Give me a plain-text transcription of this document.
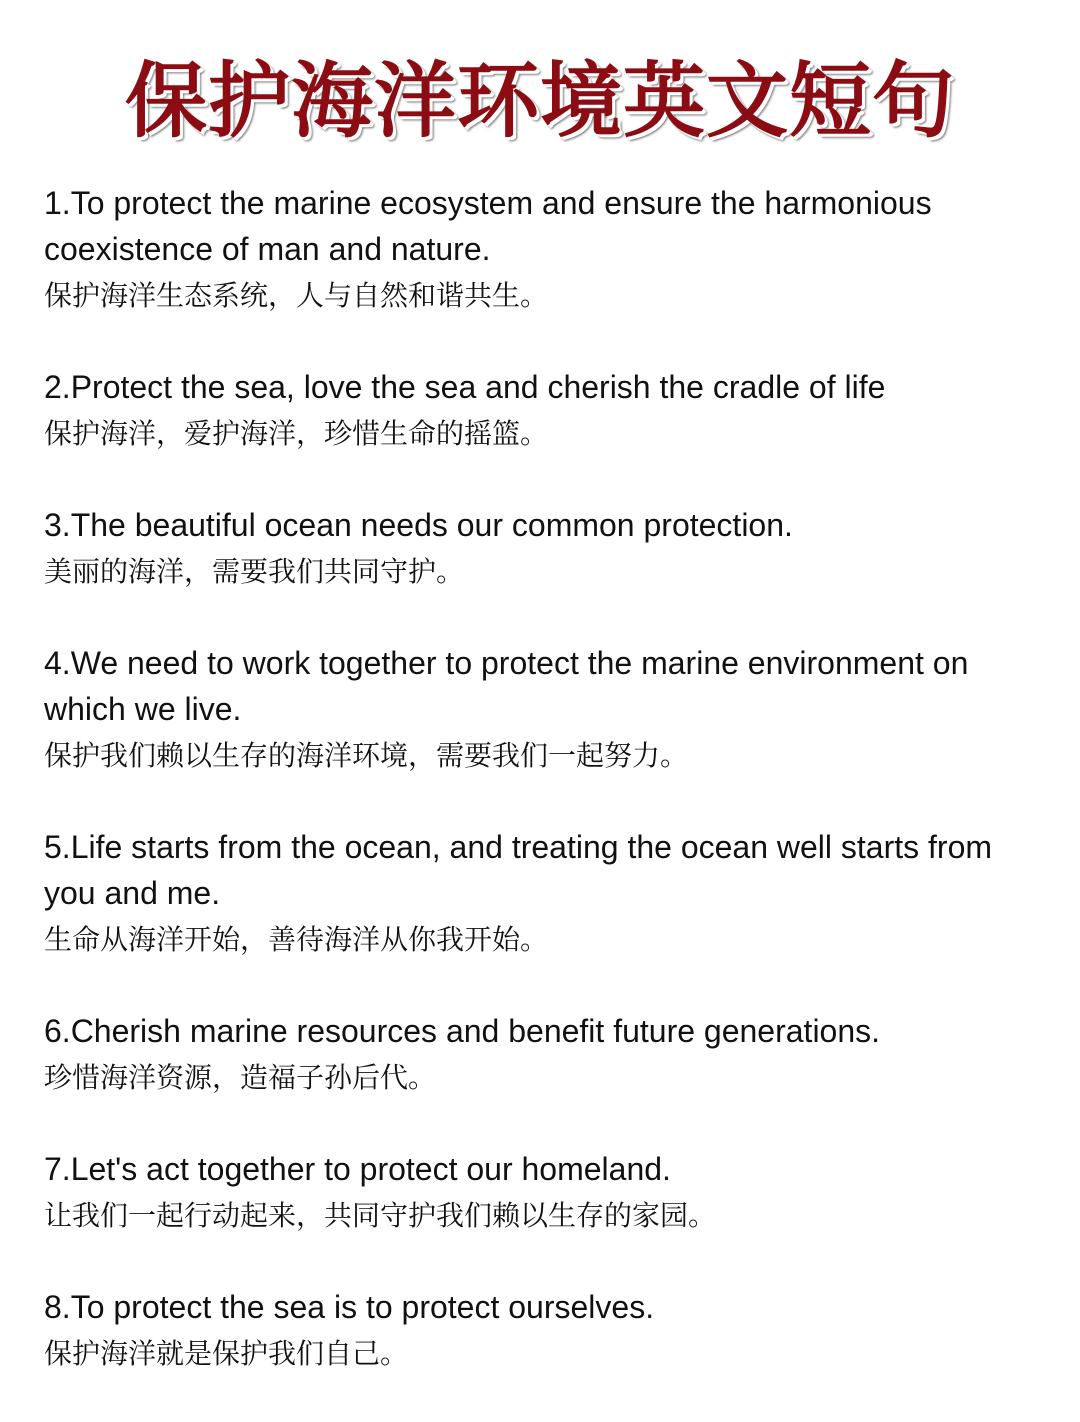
保护海洋环境英文短句

1.To protect the marine ecosystem and ensure the harmonious coexistence of man and nature.

保护海洋生态系统，人与自然和谐共生。

2.Protect the sea, love the sea and cherish the cradle of life

保护海洋，爱护海洋，珍惜生命的摇篮。

3.The beautiful ocean needs our common protection.

美丽的海洋，需要我们共同守护。

4.We need to work together to protect the marine environment on which we live.

保护我们赖以生存的海洋环境，需要我们一起努力。

5.Life starts from the ocean, and treating the ocean well starts from you and me.

生命从海洋开始，善待海洋从你我开始。

6.Cherish marine resources and benefit future generations.

珍惜海洋资源，造福子孙后代。

7.Let's act together to protect our homeland.

让我们一起行动起来，共同守护我们赖以生存的家园。

8.To protect the sea is to protect ourselves.

保护海洋就是保护我们自己。
